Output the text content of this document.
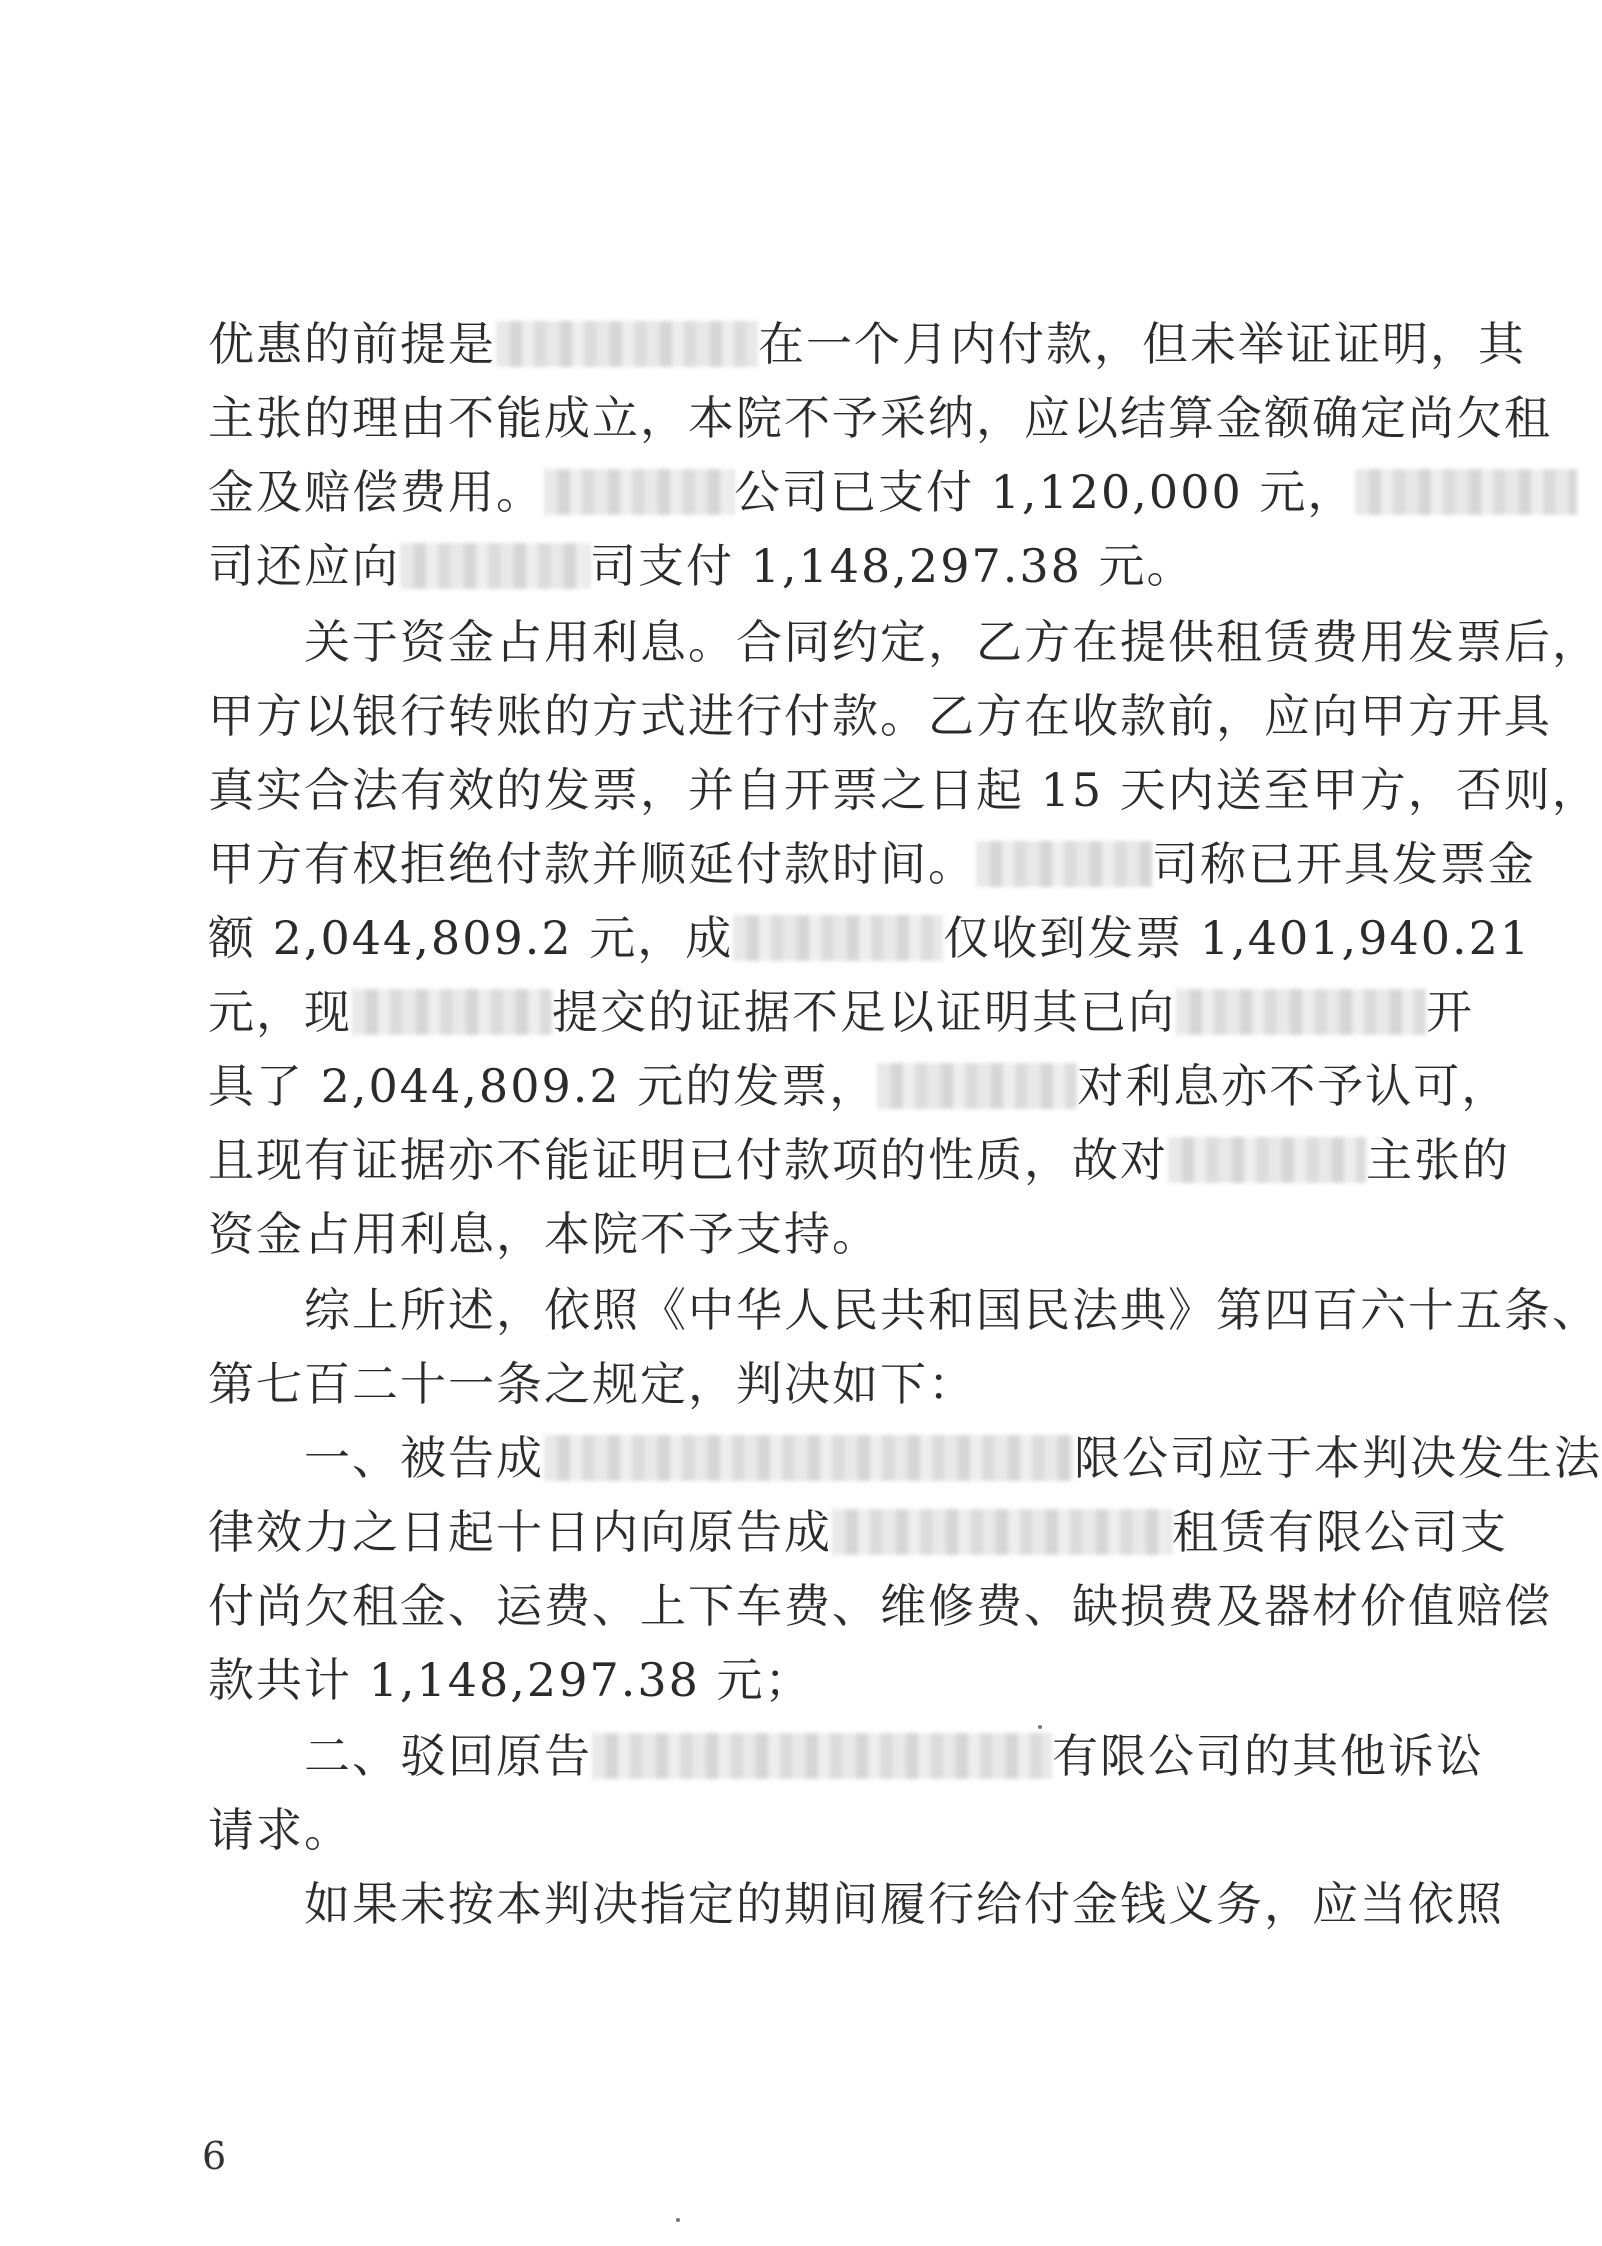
优惠的前提是	在一个月内付款，但未举证证明，其
主张的理由不能成立，本院不予采纳，应以结算金额确定尚欠租
金及赔偿费用。	公司已支付 1,120,000 元，
司还应向	司支付 1,148,297.38 元。
　　关于资金占用利息。合同约定，乙方在提供租赁费用发票后，
甲方以银行转账的方式进行付款。乙方在收款前，应向甲方开具
真实合法有效的发票，并自开票之日起 15 天内送至甲方，否则，
甲方有权拒绝付款并顺延付款时间。	司称已开具发票金
额 2,044,809.2 元，成	仅收到发票 1,401,940.21
元，现	提交的证据不足以证明其已向	开
具了 2,044,809.2 元的发票，	对利息亦不予认可，
且现有证据亦不能证明已付款项的性质，故对	主张的
资金占用利息，本院不予支持。
　　综上所述，依照《中华人民共和国民法典》第四百六十五条、
第七百二十一条之规定，判决如下：
　　一、被告成	限公司应于本判决发生法
律效力之日起十日内向原告成	租赁有限公司支
付尚欠租金、运费、上下车费、维修费、缺损费及器材价值赔偿
款共计 1,148,297.38 元；
　　二、驳回原告	有限公司的其他诉讼
请求。
　　如果未按本判决指定的期间履行给付金钱义务，应当依照
6
